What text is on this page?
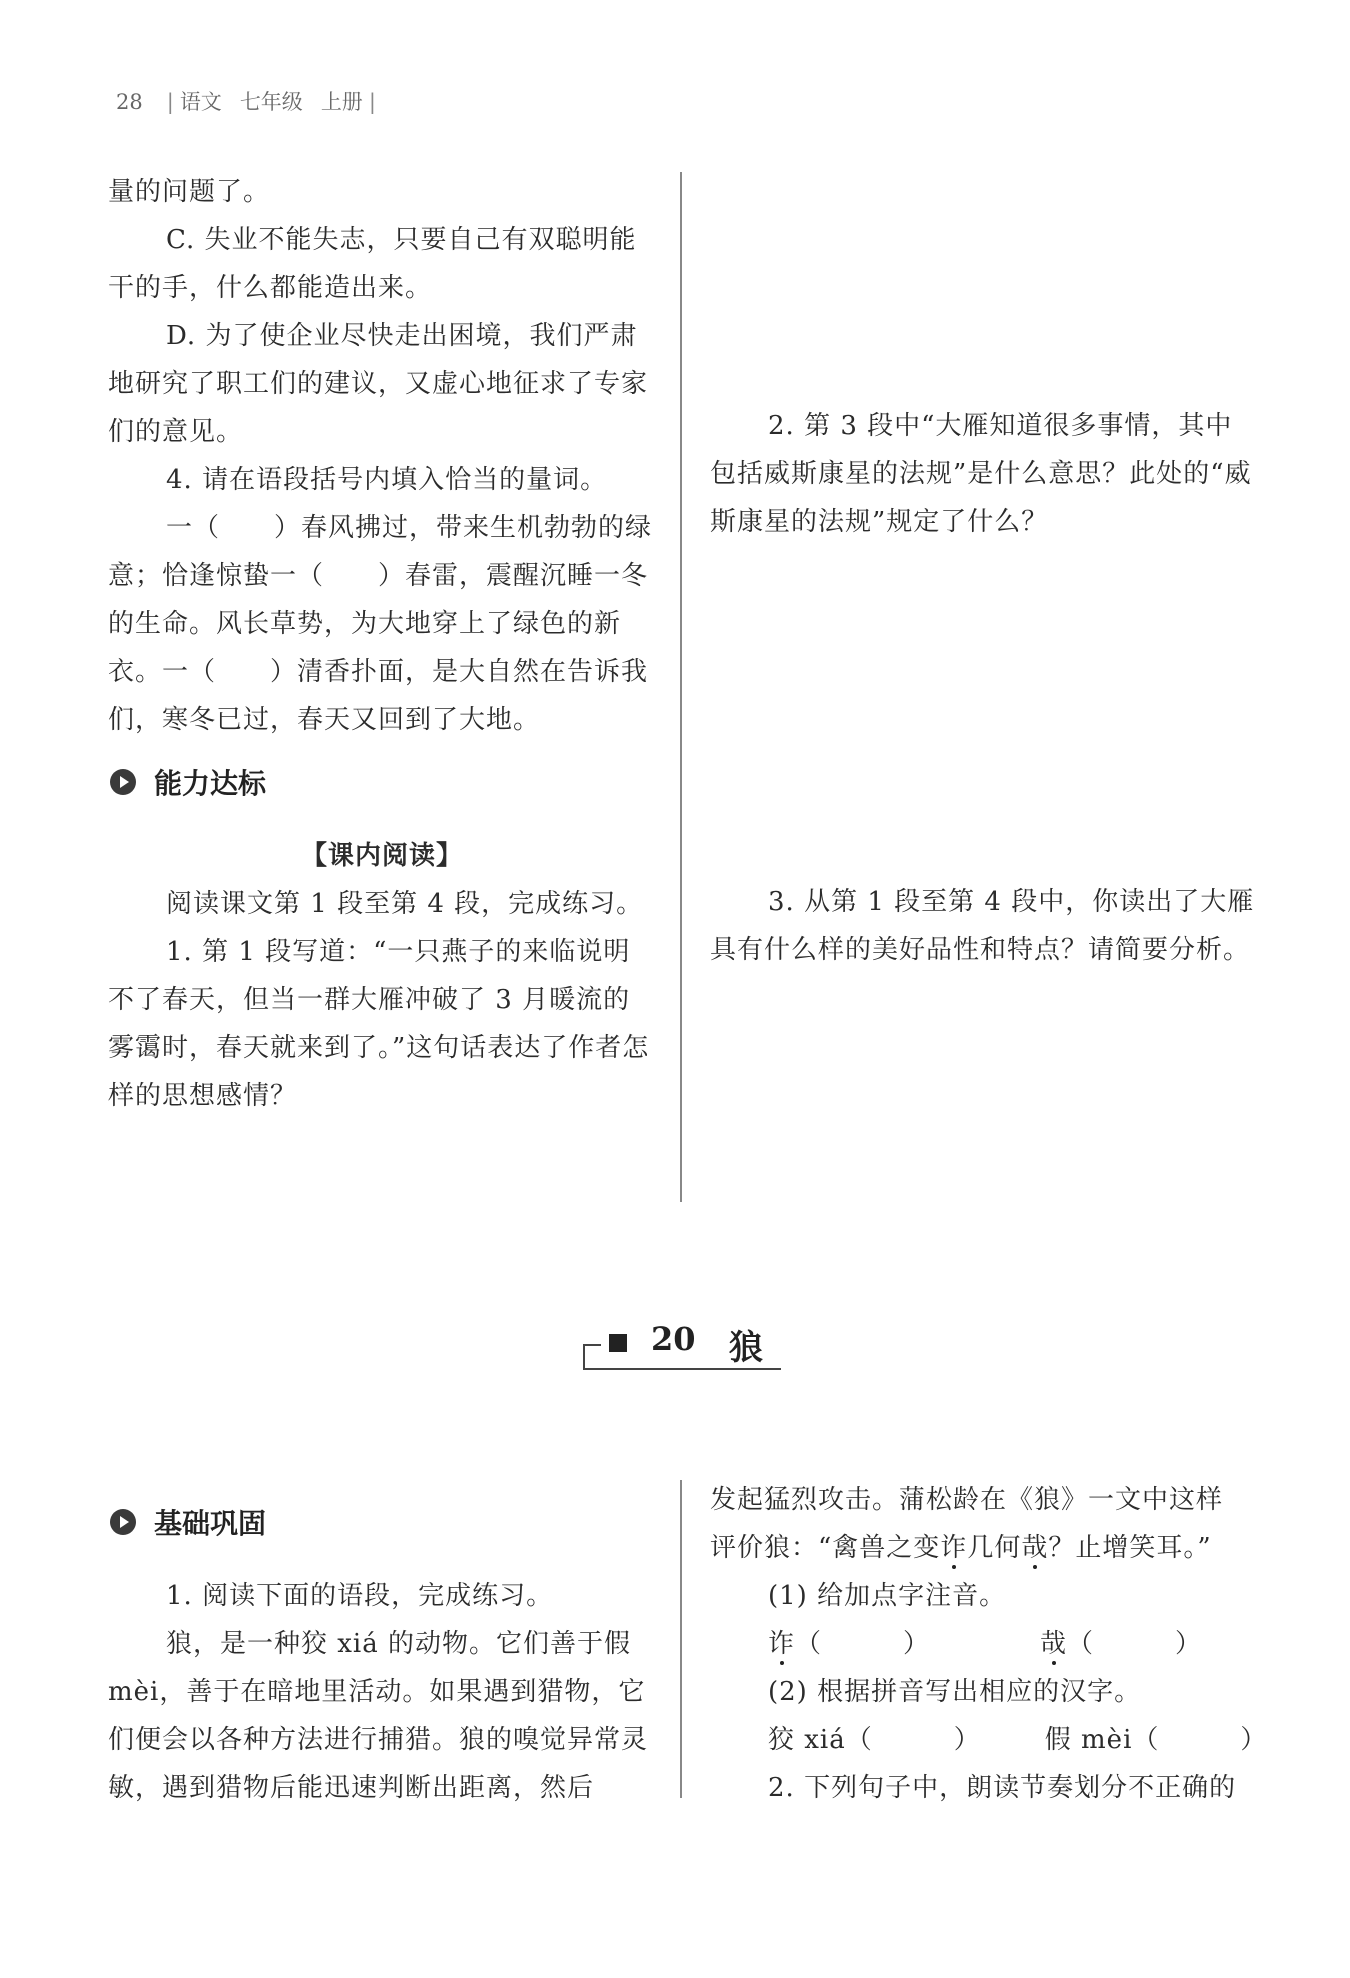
28 | 语文 七年级 上册 |

量的问题了。

C. 失业不能失志，只要自己有双聪明能干的手，什么都能造出来。

D. 为了使企业尽快走出困境，我们严肃地研究了职工们的建议，又虚心地征求了专家们的意见。

4. 请在语段括号内填入恰当的量词。

一（　　）春风拂过，带来生机勃勃的绿意；恰逢惊蛰一（　　）春雷，震醒沉睡一冬的生命。风长草势，为大地穿上了绿色的新衣。一（　　）清香扑面，是大自然在告诉我们，寒冬已过，春天又回到了大地。

能力达标

【课内阅读】

阅读课文第 1 段至第 4 段，完成练习。

1. 第 1 段写道：“一只燕子的来临说明不了春天，但当一群大雁冲破了 3 月暖流的雾霭时，春天就来到了。”这句话表达了作者怎样的思想感情？

2. 第 3 段中“大雁知道很多事情，其中包括威斯康星的法规”是什么意思？此处的“威斯康星的法规”规定了什么？

3. 从第 1 段至第 4 段中，你读出了大雁具有什么样的美好品性和特点？请简要分析。

20 狼
基础巩固

1. 阅读下面的语段，完成练习。

狼，是一种狡 xiá 的动物。它们善于假 mèi，善于在暗地里活动。如果遇到猎物，它们便会以各种方法进行捕猎。狼的嗅觉异常灵敏，遇到猎物后能迅速判断出距离，然后

发起猛烈攻击。蒲松龄在《狼》一文中这样

评价狼：“禽兽之变诈几何哉？止增笑耳。”

(1) 给加点字注音。

诈（　　　）	哉（　　　）

(2) 根据拼音写出相应的汉字。

狡 xiá（　　　） 假 mèi（　　　）

2. 下列句子中，朗读节奏划分不正确的
